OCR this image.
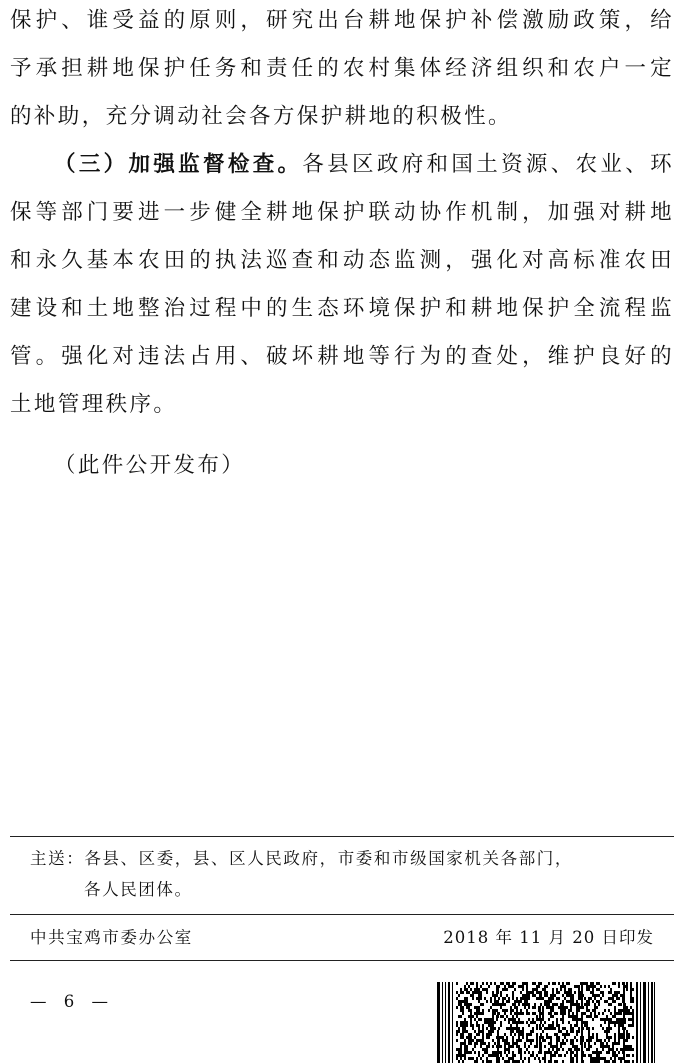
保护、谁受益的原则，研究出台耕地保护补偿激励政策，给
予承担耕地保护任务和责任的农村集体经济组织和农户一定
的补助，充分调动社会各方保护耕地的积极性。
（三）加强监督检查。各县区政府和国土资源、农业、环
保等部门要进一步健全耕地保护联动协作机制，加强对耕地
和永久基本农田的执法巡查和动态监测，强化对高标准农田
建设和土地整治过程中的生态环境保护和耕地保护全流程监
管。强化对违法占用、破坏耕地等行为的查处，维护良好的
土地管理秩序。
（此件公开发布）
主送：各县、区委，县、区人民政府，市委和市级国家机关各部门，
各人民团体。
中共宝鸡市委办公室	2018 年 11 月 20 日印发
— 6 —
